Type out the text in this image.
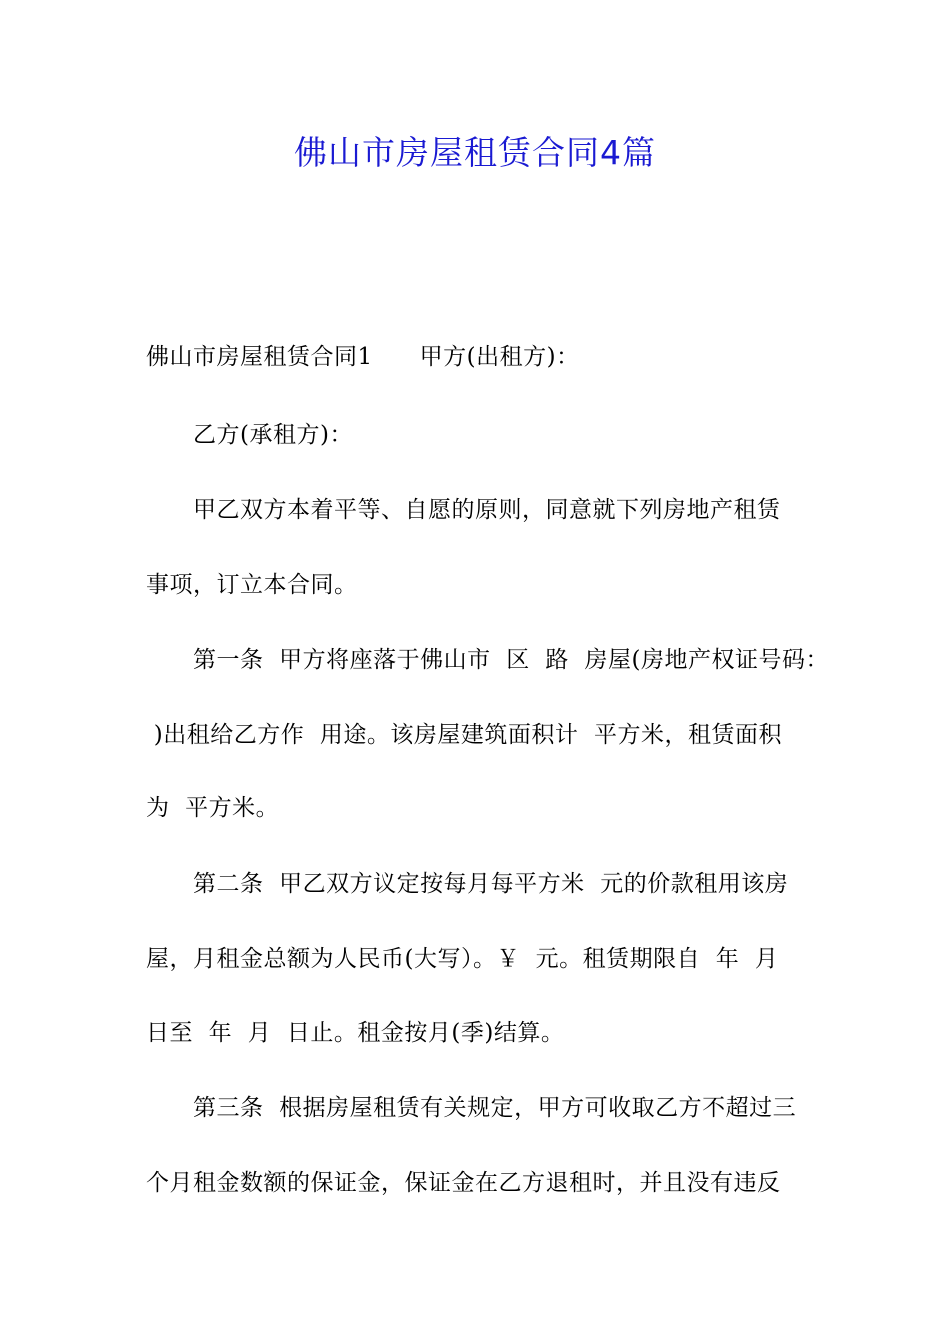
佛山市房屋租赁合同4篇
佛山市房屋租赁合同1　　甲方(出租方)：
乙方(承租方)：
甲乙双方本着平等、自愿的原则，同意就下列房地产租赁
事项，订立本合同。
第一条  甲方将座落于佛山市  区  路  房屋(房地产权证号码：
)出租给乙方作  用途。该房屋建筑面积计  平方米，租赁面积
为  平方米。
第二条  甲乙双方议定按每月每平方米  元的价款租用该房
屋，月租金总额为人民币(大写）。￥  元。租赁期限自  年  月
日至  年  月  日止。租金按月(季)结算。
第三条  根据房屋租赁有关规定，甲方可收取乙方不超过三
个月租金数额的保证金，保证金在乙方退租时，并且没有违反
